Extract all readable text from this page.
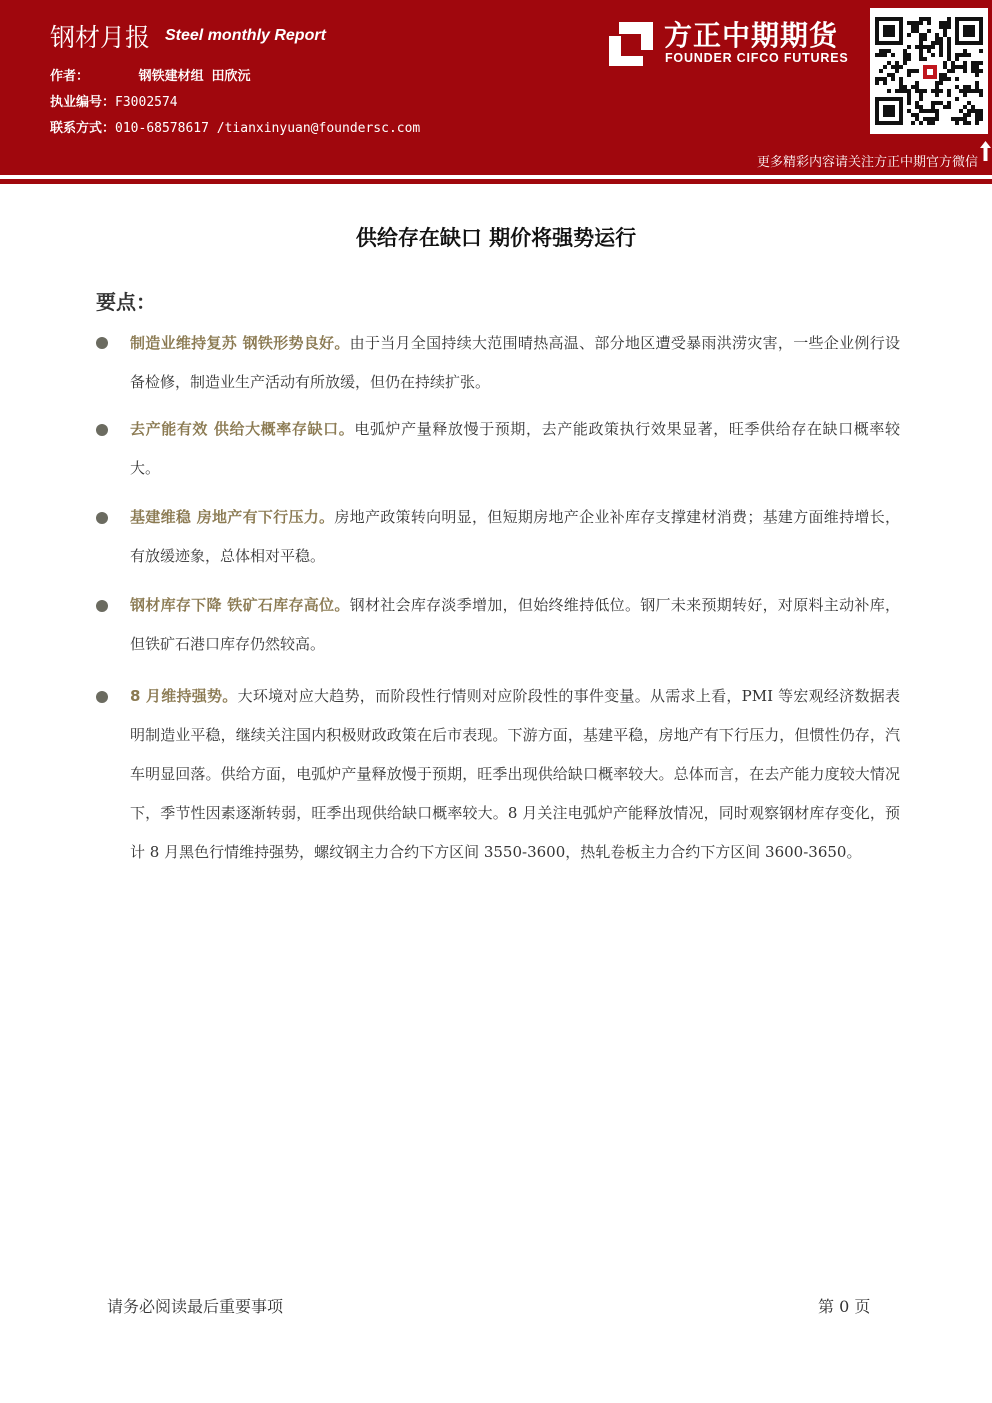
钢材月报 Steel monthly Report
作者：	钢铁建材组 田欣沅
执业编号：F3002574
联系方式：010-68578617 /tianxinyuan@foundersc.com
方正中期期货
FOUNDER CIFCO FUTURES
更多精彩内容请关注方正中期官方微信
供给存在缺口 期价将强势运行
要点：
制造业维持复苏 钢铁形势良好。由于当月全国持续大范围晴热高温、部分地区遭受暴雨洪涝灾害，一些企业例行设备检修，制造业生产活动有所放缓，但仍在持续扩张。
去产能有效 供给大概率存缺口。电弧炉产量释放慢于预期，去产能政策执行效果显著，旺季供给存在缺口概率较大。
基建维稳 房地产有下行压力。房地产政策转向明显，但短期房地产企业补库存支撑建材消费；基建方面维持增长，有放缓迹象，总体相对平稳。
钢材库存下降 铁矿石库存高位。钢材社会库存淡季增加，但始终维持低位。钢厂未来预期转好，对原料主动补库，但铁矿石港口库存仍然较高。
8 月维持强势。大环境对应大趋势，而阶段性行情则对应阶段性的事件变量。从需求上看，PMI 等宏观经济数据表明制造业平稳，继续关注国内积极财政政策在后市表现。下游方面，基建平稳，房地产有下行压力，但惯性仍存，汽车明显回落。供给方面，电弧炉产量释放慢于预期，旺季出现供给缺口概率较大。总体而言，在去产能力度较大情况下，季节性因素逐渐转弱，旺季出现供给缺口概率较大。8 月关注电弧炉产能释放情况，同时观察钢材库存变化，预计 8 月黑色行情维持强势，螺纹钢主力合约下方区间 3550-3600，热轧卷板主力合约下方区间 3600-3650。
请务必阅读最后重要事项	第 0 页
